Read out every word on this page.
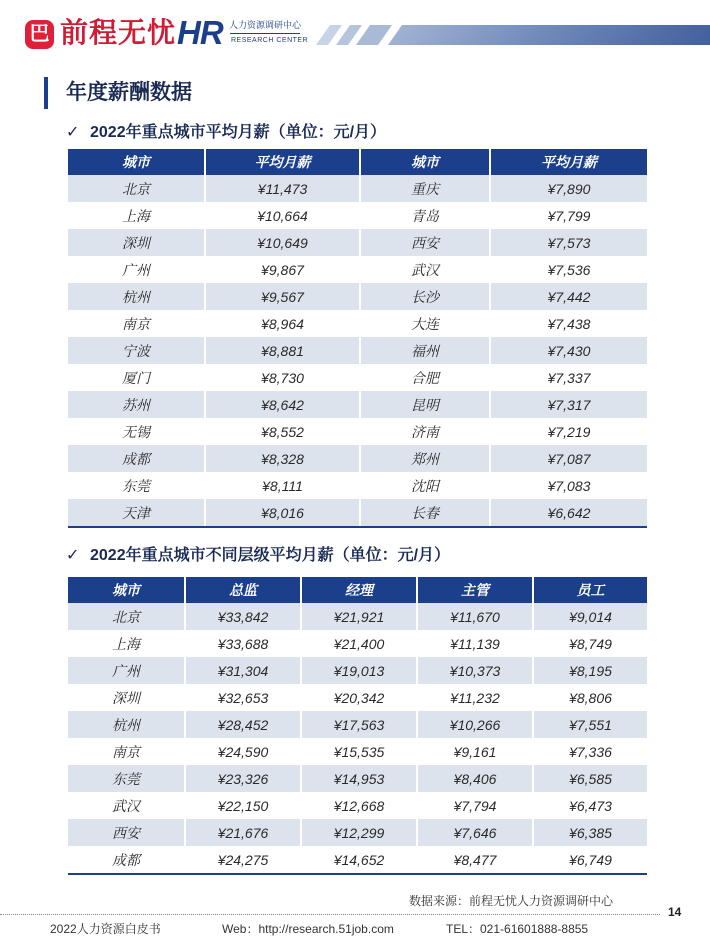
巴 前程无忧 HR 人力资源调研中心
RESEARCH CENTER
年度薪酬数据
✓ 2022年重点城市平均月薪（单位：元/月）
城市	平均月薪	城市	平均月薪
北京	¥11,473	重庆	¥7,890
上海	¥10,664	青岛	¥7,799
深圳	¥10,649	西安	¥7,573
广州	¥9,867	武汉	¥7,536
杭州	¥9,567	长沙	¥7,442
南京	¥8,964	大连	¥7,438
宁波	¥8,881	福州	¥7,430
厦门	¥8,730	合肥	¥7,337
苏州	¥8,642	昆明	¥7,317
无锡	¥8,552	济南	¥7,219
成都	¥8,328	郑州	¥7,087
东莞	¥8,111	沈阳	¥7,083
天津	¥8,016	长春	¥6,642
✓ 2022年重点城市不同层级平均月薪（单位：元/月）
城市	总监	经理	主管	员工
北京	¥33,842	¥21,921	¥11,670	¥9,014
上海	¥33,688	¥21,400	¥11,139	¥8,749
广州	¥31,304	¥19,013	¥10,373	¥8,195
深圳	¥32,653	¥20,342	¥11,232	¥8,806
杭州	¥28,452	¥17,563	¥10,266	¥7,551
南京	¥24,590	¥15,535	¥9,161	¥7,336
东莞	¥23,326	¥14,953	¥8,406	¥6,585
武汉	¥22,150	¥12,668	¥7,794	¥6,473
西安	¥21,676	¥12,299	¥7,646	¥6,385
成都	¥24,275	¥14,652	¥8,477	¥6,749
数据来源：前程无忧人力资源调研中心
14
2022人力资源白皮书	Web：http://research.51job.com	TEL：021-61601888-8855
